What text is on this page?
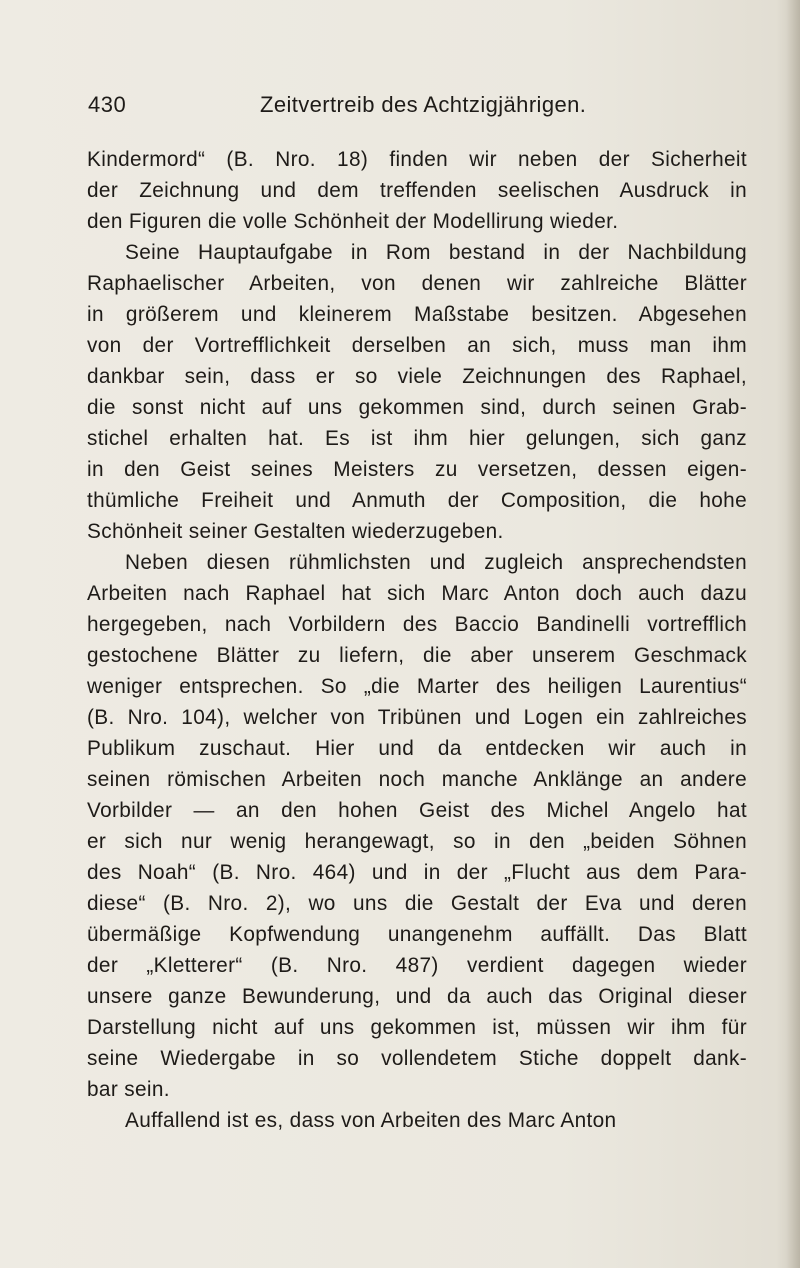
430	Zeitvertreib des Achtzigjährigen.
Kindermord“ (B. Nro. 18) finden wir neben der Sicherheit
der Zeichnung und dem treffenden seelischen Ausdruck in
den Figuren die volle Schönheit der Modellirung wieder.
Seine Hauptaufgabe in Rom bestand in der Nachbildung
Raphaelischer Arbeiten, von denen wir zahlreiche Blätter
in größerem und kleinerem Maßstabe besitzen. Abgesehen
von der Vortrefflichkeit derselben an sich, muss man ihm
dankbar sein, dass er so viele Zeichnungen des Raphael,
die sonst nicht auf uns gekommen sind, durch seinen Grab-
stichel erhalten hat. Es ist ihm hier gelungen, sich ganz
in den Geist seines Meisters zu versetzen, dessen eigen-
thümliche Freiheit und Anmuth der Composition, die hohe
Schönheit seiner Gestalten wiederzugeben.
Neben diesen rühmlichsten und zugleich ansprechendsten
Arbeiten nach Raphael hat sich Marc Anton doch auch dazu
hergegeben, nach Vorbildern des Baccio Bandinelli vortrefflich
gestochene Blätter zu liefern, die aber unserem Geschmack
weniger entsprechen. So „die Marter des heiligen Laurentius“
(B. Nro. 104), welcher von Tribünen und Logen ein zahlreiches
Publikum zuschaut. Hier und da entdecken wir auch in
seinen römischen Arbeiten noch manche Anklänge an andere
Vorbilder — an den hohen Geist des Michel Angelo hat
er sich nur wenig herangewagt, so in den „beiden Söhnen
des Noah“ (B. Nro. 464) und in der „Flucht aus dem Para-
diese“ (B. Nro. 2), wo uns die Gestalt der Eva und deren
übermäßige Kopfwendung unangenehm auffällt. Das Blatt
der „Kletterer“ (B. Nro. 487) verdient dagegen wieder
unsere ganze Bewunderung, und da auch das Original dieser
Darstellung nicht auf uns gekommen ist, müssen wir ihm für
seine Wiedergabe in so vollendetem Stiche doppelt dank-
bar sein.
Auffallend ist es, dass von Arbeiten des Marc Anton
